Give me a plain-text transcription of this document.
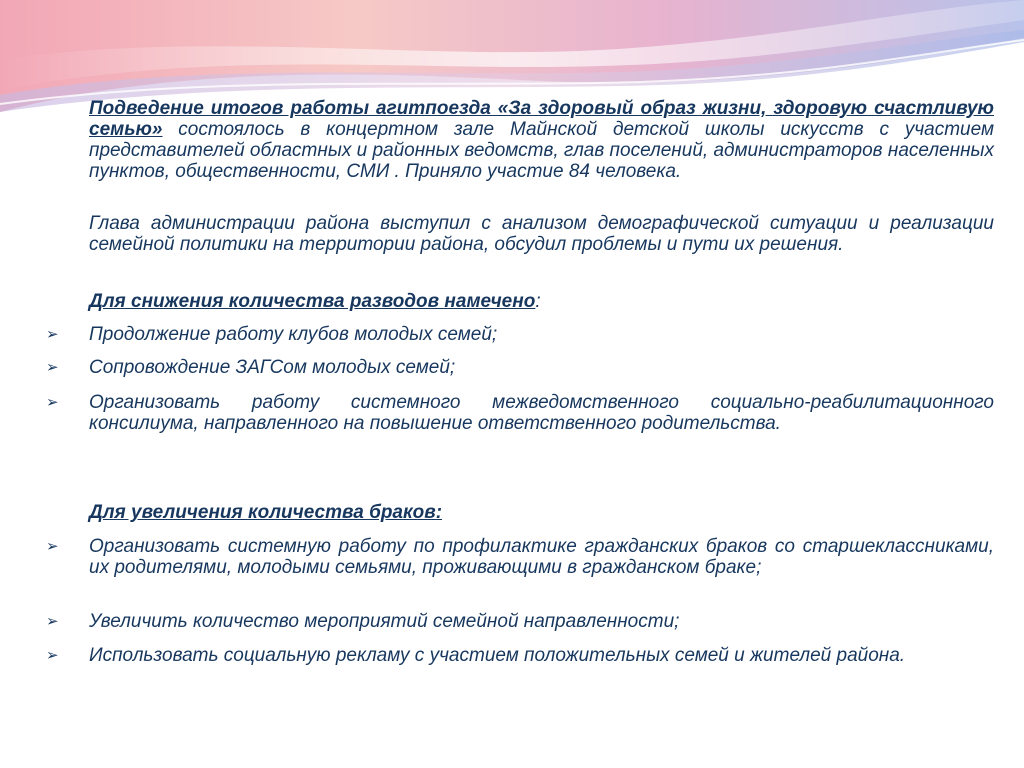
Подведение итогов работы агитпоезда «За здоровый образ жизни, здоровую счастливую семью» состоялось в концертном зале Майнской детской школы искусств с участием представителей областных и районных ведомств, глав поселений, администраторов населенных пунктов, общественности, СМИ . Приняло участие 84 человека.

Глава администрации района выступил с анализом демографической ситуации и реализации семейной политики на территории района, обсудил проблемы и пути их решения.

Для снижения количества разводов намечено:

➢ Продолжение работу клубов молодых семей;
➢ Сопровождение ЗАГСом молодых семей;
➢ Организовать работу системного межведомственного социально-реабилитационного консилиума, направленного на повышение ответственного родительства.

Для увеличения количества браков:

➢ Организовать системную работу по профилактике гражданских браков со старшеклассниками, их родителями, молодыми семьями, проживающими в гражданском браке;
➢ Увеличить количество мероприятий семейной направленности;
➢ Использовать социальную рекламу с участием положительных семей и жителей района.
